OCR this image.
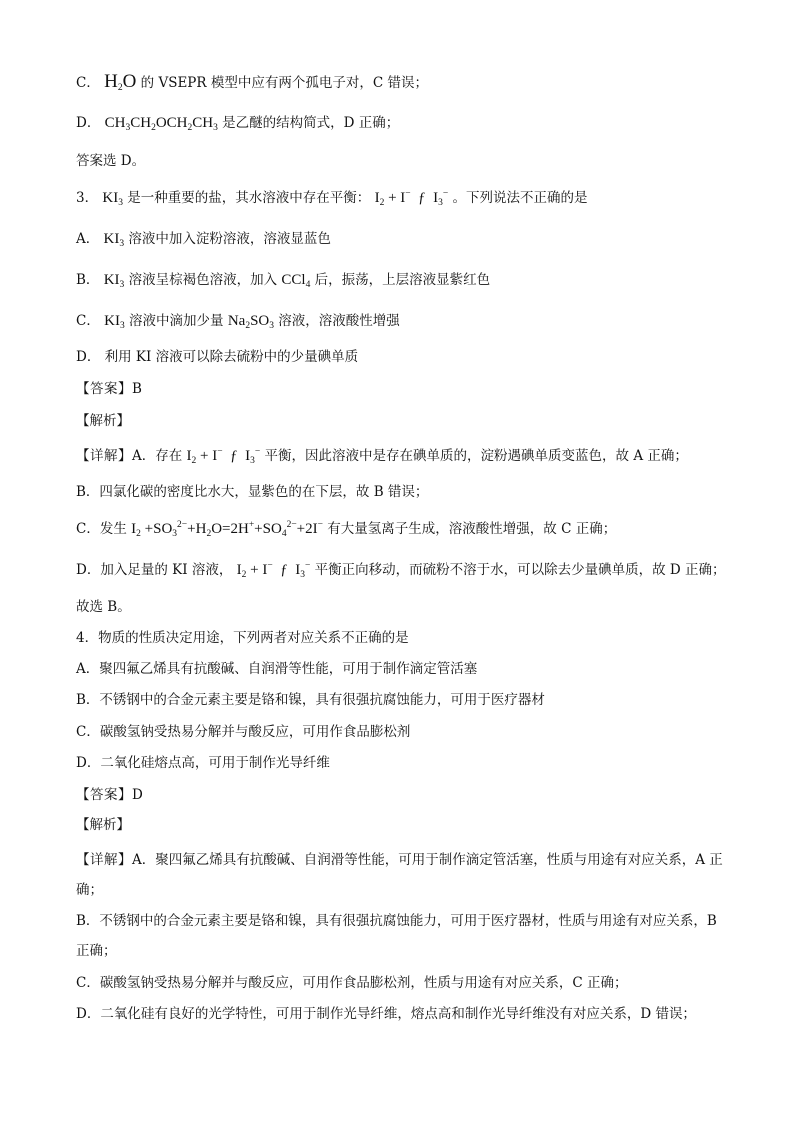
C． $H_2O$ 的 VSEPR 模型中应有两个孤电子对，C 错误；
D． $CH_3CH_2OCH_2CH_3$ 是乙醚的结构简式，D 正确；
答案选 D。
3． $KI_3$ 是一种重要的盐，其水溶液中存在平衡： $I_2 + I^-$  ƒ  $I_3^-$ 。下列说法不正确的是
A． $KI_3$ 溶液中加入淀粉溶液，溶液显蓝色
B． $KI_3$ 溶液呈棕褐色溶液，加入 CCl$_4$ 后，振荡，上层溶液显紫红色
C． $KI_3$ 溶液中滴加少量 $Na_2SO_3$ 溶液，溶液酸性增强
D． 利用 KI 溶液可以除去硫粉中的少量碘单质
【答案】B
【解析】
【详解】A．存在 $I_2 + I^-$  ƒ  $I_3^-$ 平衡，因此溶液中是存在碘单质的，淀粉遇碘单质变蓝色，故 A 正确；
B．四氯化碳的密度比水大，显紫色的在下层，故 B 错误；
C．发生 $I_2 +SO_3^{2-}+H_2O=2H^++SO_4^{2-}+2I^-$ 有大量氢离子生成，溶液酸性增强，故 C 正确；
D．加入足量的 KI 溶液， $I_2 + I^-$  ƒ  $I_3^-$ 平衡正向移动，而硫粉不溶于水，可以除去少量碘单质，故 D 正确；
故选 B。
4．物质的性质决定用途，下列两者对应关系不正确的是
A．聚四氟乙烯具有抗酸碱、自润滑等性能，可用于制作滴定管活塞
B．不锈钢中的合金元素主要是铬和镍，具有很强抗腐蚀能力，可用于医疗器材
C．碳酸氢钠受热易分解并与酸反应，可用作食品膨松剂
D．二氧化硅熔点高，可用于制作光导纤维
【答案】D
【解析】
【详解】A．聚四氟乙烯具有抗酸碱、自润滑等性能，可用于制作滴定管活塞，性质与用途有对应关系，A 正确；
B．不锈钢中的合金元素主要是铬和镍，具有很强抗腐蚀能力，可用于医疗器材，性质与用途有对应关系，B 正确；
C．碳酸氢钠受热易分解并与酸反应，可用作食品膨松剂，性质与用途有对应关系，C 正确；
D．二氧化硅有良好的光学特性，可用于制作光导纤维，熔点高和制作光导纤维没有对应关系，D 错误；
